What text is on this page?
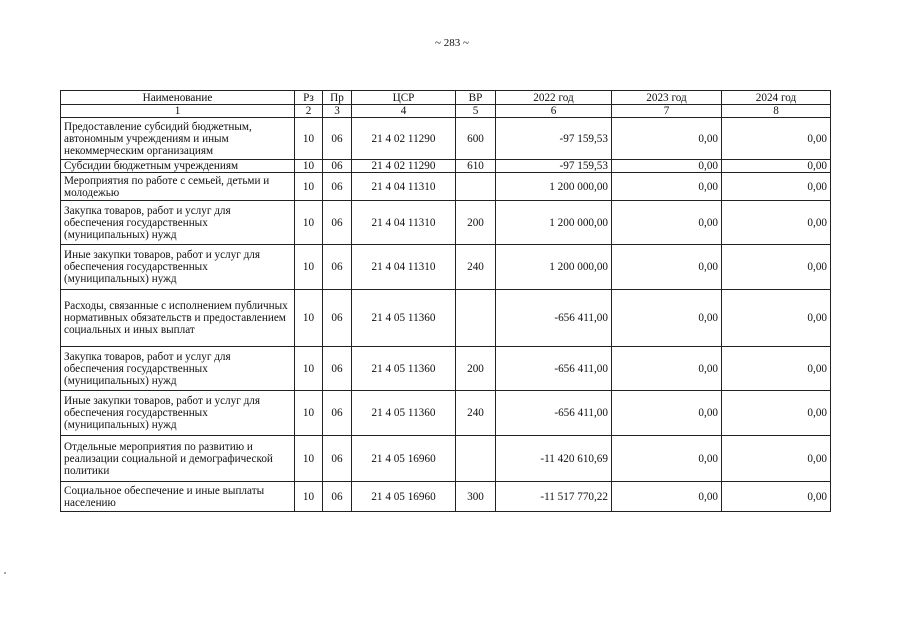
~ 283 ~
Наименование	Рз	Пр	ЦСР	ВР	2022 год	2023 год	2024 год
1	2	3	4	5	6	7	8
Предоставление субсидий бюджетным, автономным учреждениям и иным некоммерческим организациям	10	06	21 4 02 11290	600	-97 159,53	0,00	0,00
Субсидии бюджетным учреждениям	10	06	21 4 02 11290	610	-97 159,53	0,00	0,00
Мероприятия по работе с семьей, детьми и молодежью	10	06	21 4 04 11310		1 200 000,00	0,00	0,00
Закупка товаров, работ и услуг для обеспечения государственных (муниципальных) нужд	10	06	21 4 04 11310	200	1 200 000,00	0,00	0,00
Иные закупки товаров, работ и услуг для обеспечения государственных (муниципальных) нужд	10	06	21 4 04 11310	240	1 200 000,00	0,00	0,00
Расходы, связанные с исполнением публичных нормативных обязательств и предоставлением социальных и иных выплат	10	06	21 4 05 11360		-656 411,00	0,00	0,00
Закупка товаров, работ и услуг для обеспечения государственных (муниципальных) нужд	10	06	21 4 05 11360	200	-656 411,00	0,00	0,00
Иные закупки товаров, работ и услуг для обеспечения государственных (муниципальных) нужд	10	06	21 4 05 11360	240	-656 411,00	0,00	0,00
Отдельные мероприятия по развитию и реализации социальной и демографической политики	10	06	21 4 05 16960		-11 420 610,69	0,00	0,00
Социальное обеспечение и иные выплаты населению	10	06	21 4 05 16960	300	-11 517 770,22	0,00	0,00
